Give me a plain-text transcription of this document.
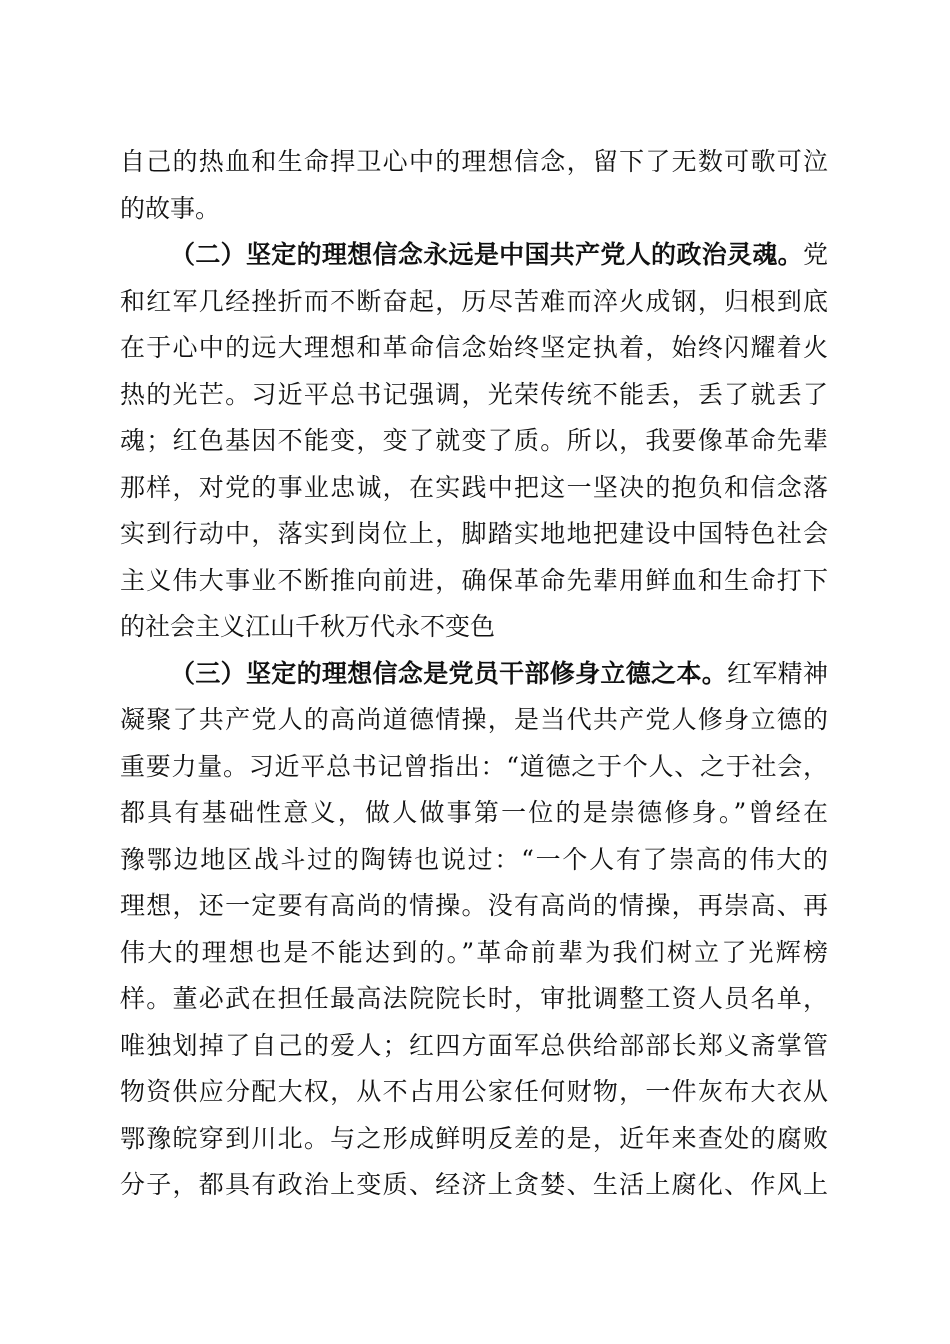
自己的热血和生命捍卫心中的理想信念，留下了无数可歌可泣
的故事。
（二）坚定的理想信念永远是中国共产党人的政治灵魂。党
和红军几经挫折而不断奋起，历尽苦难而淬火成钢，归根到底
在于心中的远大理想和革命信念始终坚定执着，始终闪耀着火
热的光芒。习近平总书记强调，光荣传统不能丢，丢了就丢了
魂；红色基因不能变，变了就变了质。所以，我要像革命先辈
那样，对党的事业忠诚，在实践中把这一坚决的抱负和信念落
实到行动中，落实到岗位上，脚踏实地地把建设中国特色社会
主义伟大事业不断推向前进，确保革命先辈用鲜血和生命打下
的社会主义江山千秋万代永不变色
（三）坚定的理想信念是党员干部修身立德之本。红军精神
凝聚了共产党人的高尚道德情操，是当代共产党人修身立德的
重要力量。习近平总书记曾指出：“道德之于个人、之于社会，
都具有基础性意义，做人做事第一位的是崇德修身。”曾经在
豫鄂边地区战斗过的陶铸也说过：“一个人有了崇高的伟大的
理想，还一定要有高尚的情操。没有高尚的情操，再崇高、再
伟大的理想也是不能达到的。”革命前辈为我们树立了光辉榜
样。董必武在担任最高法院院长时，审批调整工资人员名单，
唯独划掉了自己的爱人；红四方面军总供给部部长郑义斋掌管
物资供应分配大权，从不占用公家任何财物，一件灰布大衣从
鄂豫皖穿到川北。与之形成鲜明反差的是，近年来查处的腐败
分子，都具有政治上变质、经济上贪婪、生活上腐化、作风上
